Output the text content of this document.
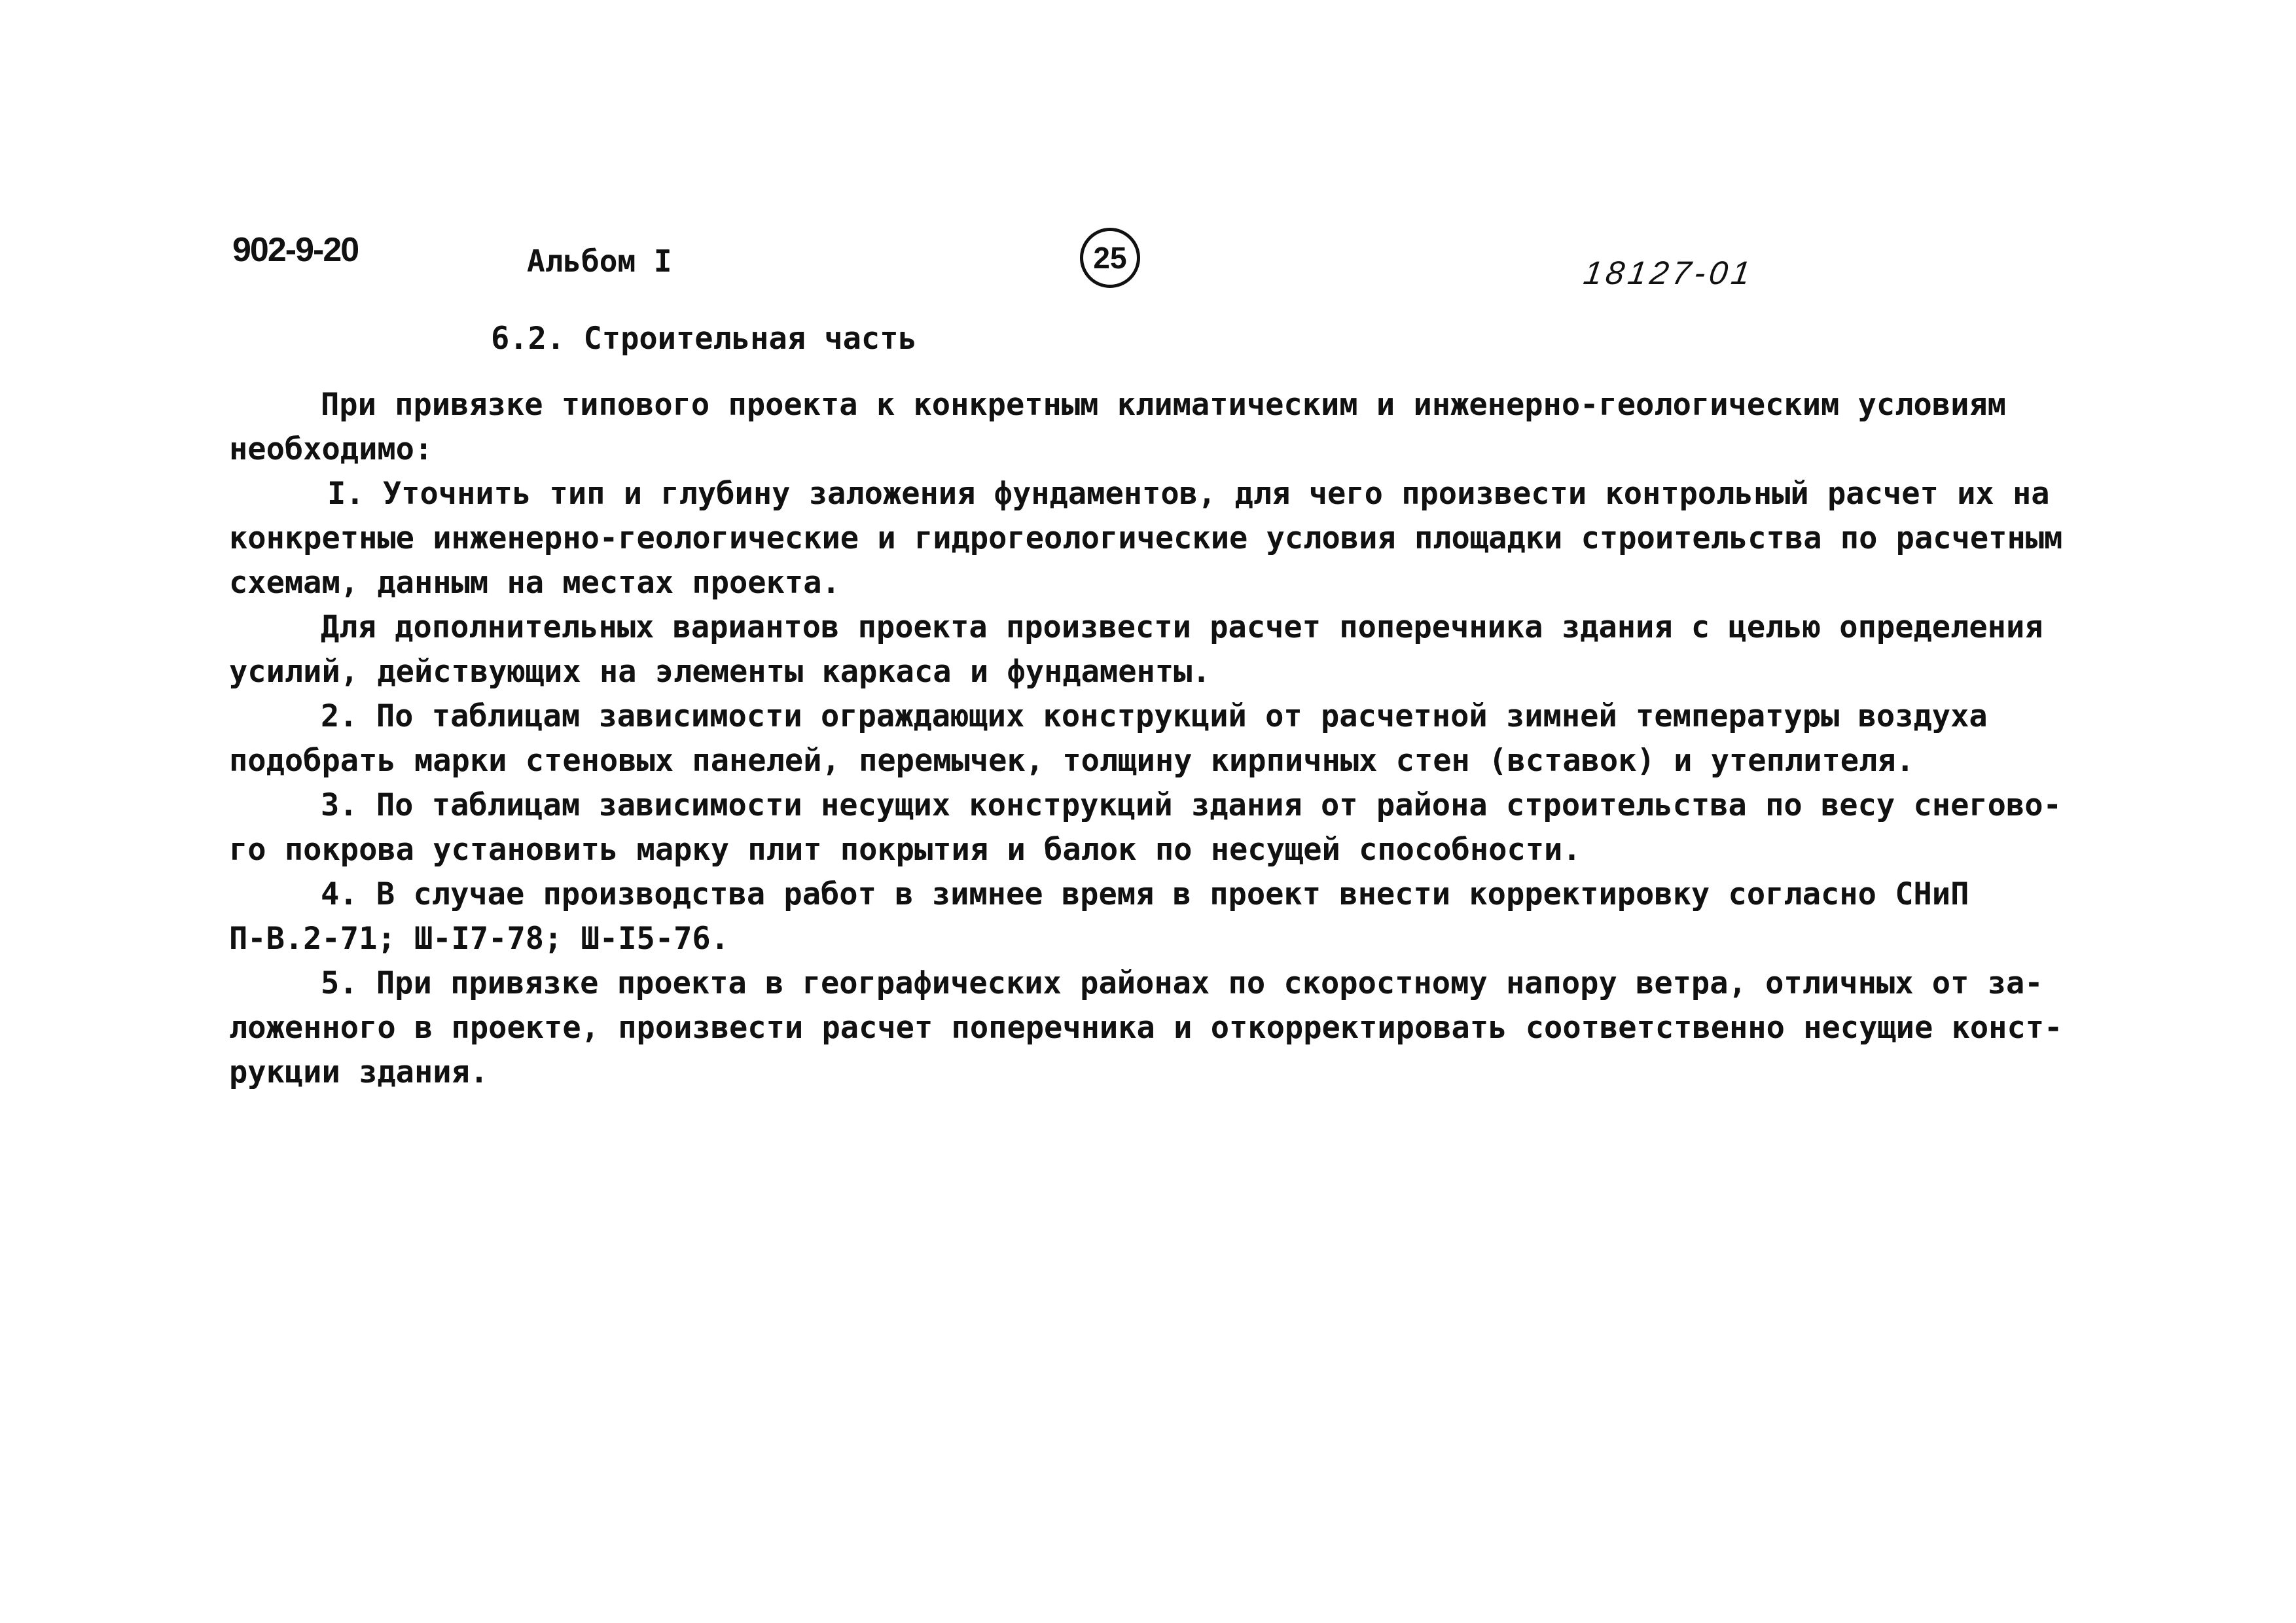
902-9-20	Альбом I	25	18127-01
6.2. Строительная часть
При привязке типового проекта к конкретным климатическим и инженерно-геологическим условиям
необходимо:
I. Уточнить тип и глубину заложения фундаментов, для чего произвести контрольный расчет их на
конкретные инженерно-геологические и гидрогеологические условия площадки строительства по расчетным
схемам, данным на местах проекта.
Для дополнительных вариантов проекта произвести расчет поперечника здания с целью определения
усилий, действующих на элементы каркаса и фундаменты.
2. По таблицам зависимости ограждающих конструкций от расчетной зимней температуры воздуха
подобрать марки стеновых панелей, перемычек, толщину кирпичных стен (вставок) и утеплителя.
3. По таблицам зависимости несущих конструкций здания от района строительства по весу снегово-
го покрова установить марку плит покрытия и балок по несущей способности.
4. В случае производства работ в зимнее время в проект внести корректировку согласно СНиП
П-В.2-71; Ш-I7-78; Ш-I5-76.
5. При привязке проекта в географических районах по скоростному напору ветра, отличных от за-
ложенного в проекте, произвести расчет поперечника и откорректировать соответственно несущие конст-
рукции здания.
